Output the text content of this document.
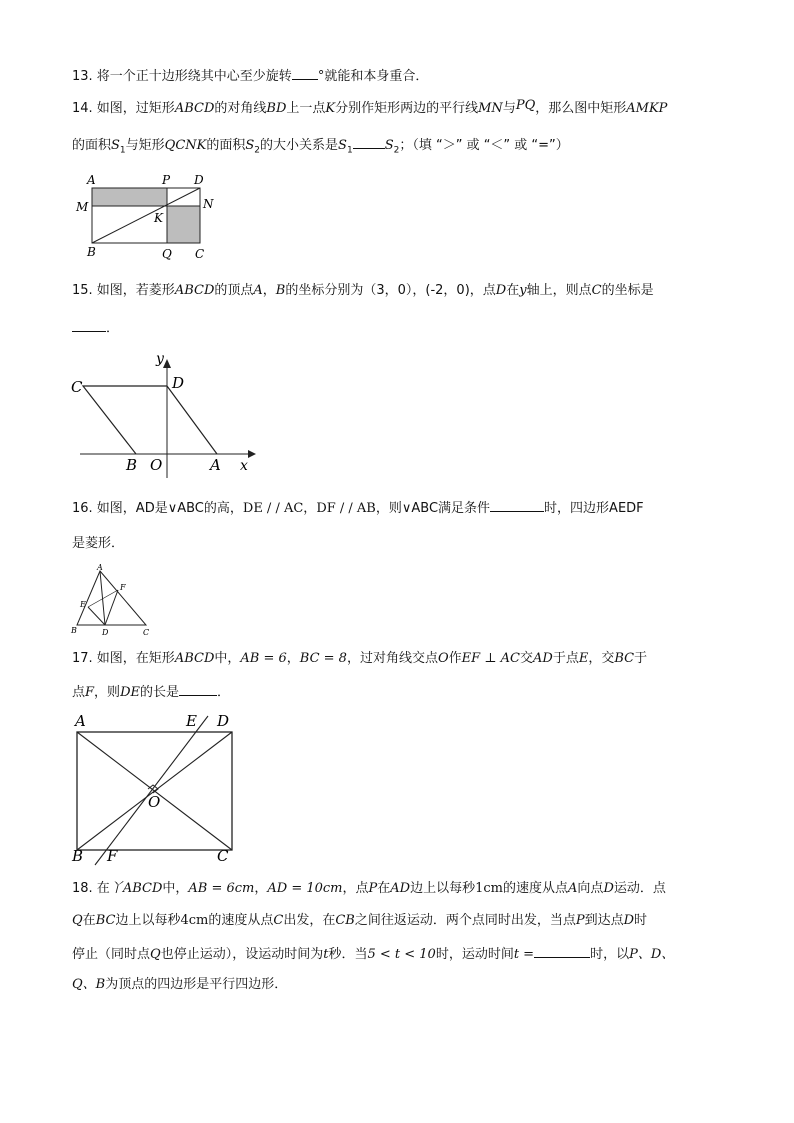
13. 将一个正十边形绕其中心至少旋转 °就能和本身重合．
14. 如图，过矩形ABCD的对角线BD上一点K分别作矩形两边的平行线MN与PQ，那么图中矩形AMKP
的面积$S_1$与矩形QCNK的面积$S_2$的大小关系是$S_1$ $S_2$；（填 “＞” 或 “＜” 或 “=”）
A	P D
M	N
K
B	Q C
15. 如图，若菱形ABCD的顶点A，B的坐标分别为（3，0），(-2，0)，点D在y轴上，则点C的坐标是
．
y
C	D
B O	A x
16. 如图，AD是∨ABC的高，DE / / AC，DF / / AB，则∨ABC满足条件	时，四边形AEDF
是菱形．
A
F
E
B	D	C
17. 如图，在矩形ABCD中，AB = 6，BC = 8，过对角线交点O作EF ⊥ AC交AD于点E，交BC于
点F，则DE的长是	．
A	E D
O
B F	C
18. 在丫ABCD中，AB = 6cm，AD = 10cm，点P在AD边上以每秒1cm的速度从点A向点D运动．点
Q在BC边上以每秒4cm的速度从点C出发，在CB之间往返运动．两个点同时出发，当点P到达点D时
停止（同时点Q也停止运动），设运动时间为t秒．当5 < t < 10时，运动时间t =	时，以P、D、
Q、B为顶点的四边形是平行四边形．
